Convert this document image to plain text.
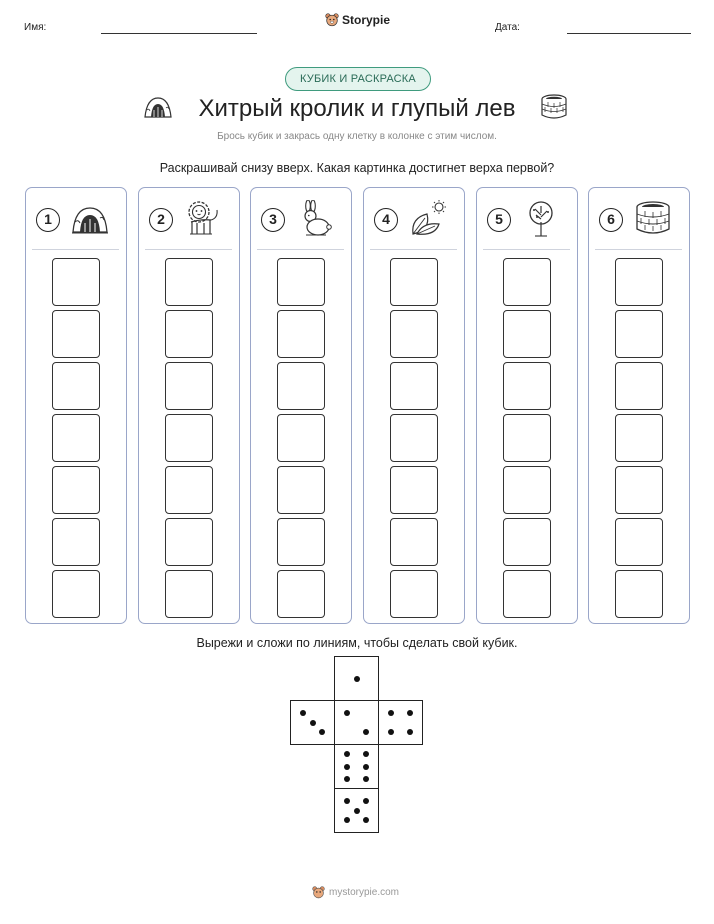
Имя:
Storypie
Дата:
КУБИК И РАСКРАСКА
Хитрый кролик и глупый лев
Брось кубик и закрась одну клетку в колонке с этим числом.
Раскрашивай снизу вверх. Какая картинка достигнет верха первой?
1	2	3	4	5	6
Вырежи и сложи по линиям, чтобы сделать свой кубик.
mystorypie.com
